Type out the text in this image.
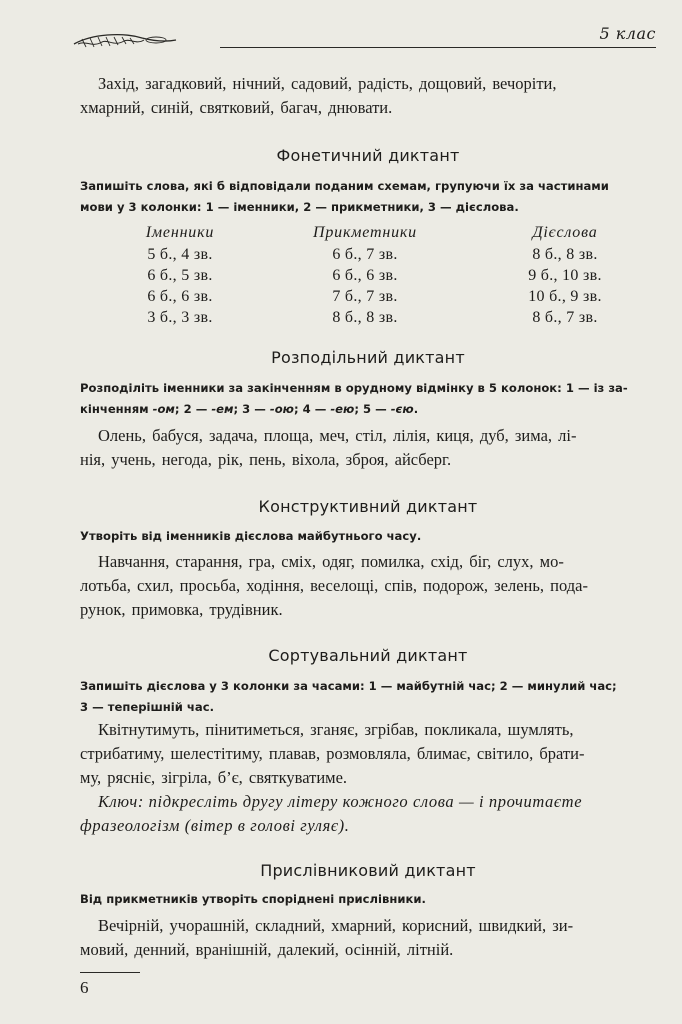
5 клас
Захід, загадковий, нічний, садовий, радість, дощовий, вечоріти,
хмарний, синій, святковий, багач, днювати.
Фонетичний диктант
Запишіть слова, які б відповідали поданим схемам, групуючи їх за частинами
мови у 3 колонки: 1 — іменники, 2 — прикметники, 3 — дієслова.
Іменники
5 б., 4 зв.
6 б., 5 зв.
6 б., 6 зв.
3 б., 3 зв.
Прикметники
6 б., 7 зв.
6 б., 6 зв.
7 б., 7 зв.
8 б., 8 зв.
Дієслова
8 б., 8 зв.
9 б., 10 зв.
10 б., 9 зв.
8 б., 7 зв.
Розподільний диктант
Розподіліть іменники за закінченням в орудному відмінку в 5 колонок: 1 — із за-
кінченням -ом; 2 — -ем; 3 — -ою; 4 — -ею; 5 — -єю.
Олень, бабуся, задача, площа, меч, стіл, лілія, киця, дуб, зима, лі-
нія, учень, негода, рік, пень, віхола, зброя, айсберг.
Конструктивний диктант
Утворіть від іменників дієслова майбутнього часу.
Навчання, старання, гра, сміх, одяг, помилка, схід, біг, слух, мо-
лотьба, схил, просьба, ходіння, веселощі, спів, подорож, зелень, пода-
рунок, примовка, трудівник.
Сортувальний диктант
Запишіть дієслова у 3 колонки за часами: 1 — майбутній час; 2 — минулий час;
3 — теперішній час.
Квітнутимуть, пінитиметься, зганяє, згрібав, покликала, шумлять,
стрибатиму, шелестітиму, плавав, розмовляла, блимає, світило, брати-
му, рясніє, зігріла, б’є, святкуватиме.
Ключ: підкресліть другу літеру кожного слова — і прочитаєте
фразеологізм (вітер в голові гуляє).
Прислівниковий диктант
Від прикметників утворіть споріднені прислівники.
Вечірній, учорашній, складний, хмарний, корисний, швидкий, зи-
мовий, денний, вранішній, далекий, осінній, літній.
6
